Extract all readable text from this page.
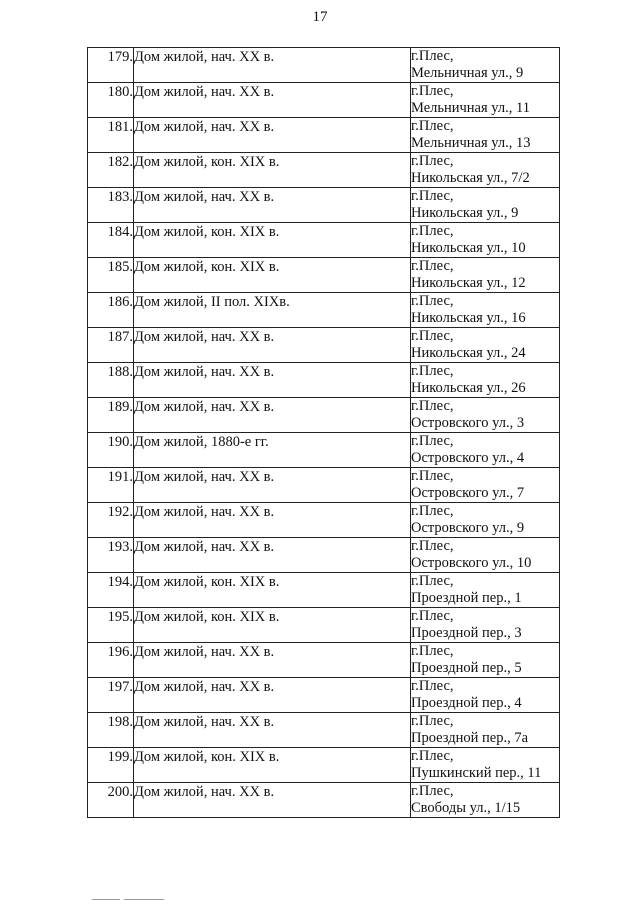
17
179.	Дом жилой, нач. XX в.	г.Плес,
Мельничная ул., 9

180.	Дом жилой, нач. XX в.	г.Плес,
Мельничная ул., 11

181.	Дом жилой, нач. XX в.	г.Плес,
Мельничная ул., 13

182.	Дом жилой, кон. XIX в.	г.Плес,
Никольская ул., 7/2

183.	Дом жилой, нач. XX в.	г.Плес,
Никольская ул., 9

184.	Дом жилой, кон. XIX в.	г.Плес,
Никольская ул., 10

185.	Дом жилой, кон. XIX в.	г.Плес,
Никольская ул., 12

186.	Дом жилой, II пол. XIXв.	г.Плес,
Никольская ул., 16

187.	Дом жилой, нач. XX в.	г.Плес,
Никольская ул., 24

188.	Дом жилой, нач. XX в.	г.Плес,
Никольская ул., 26

189.	Дом жилой, нач. XX в.	г.Плес,
Островского ул., 3

190.	Дом жилой, 1880-е гг.	г.Плес,
Островского ул., 4

191.	Дом жилой, нач. XX в.	г.Плес,
Островского ул., 7

192.	Дом жилой, нач. XX в.	г.Плес,
Островского ул., 9

193.	Дом жилой, нач. XX в.	г.Плес,
Островского ул., 10

194.	Дом жилой, кон. XIX в.	г.Плес,
Проездной пер., 1

195.	Дом жилой, кон. XIX в.	г.Плес,
Проездной пер., 3

196.	Дом жилой, нач. XX в.	г.Плес,
Проездной пер., 5

197.	Дом жилой, нач. XX в.	г.Плес,
Проездной пер., 4

198.	Дом жилой, нач. XX в.	г.Плес,
Проездной пер., 7а

199.	Дом жилой, кон. XIX в.	г.Плес,
Пушкинский пер., 11

200.	Дом жилой, нач. XX в.	г.Плес,
Свободы ул., 1/15
